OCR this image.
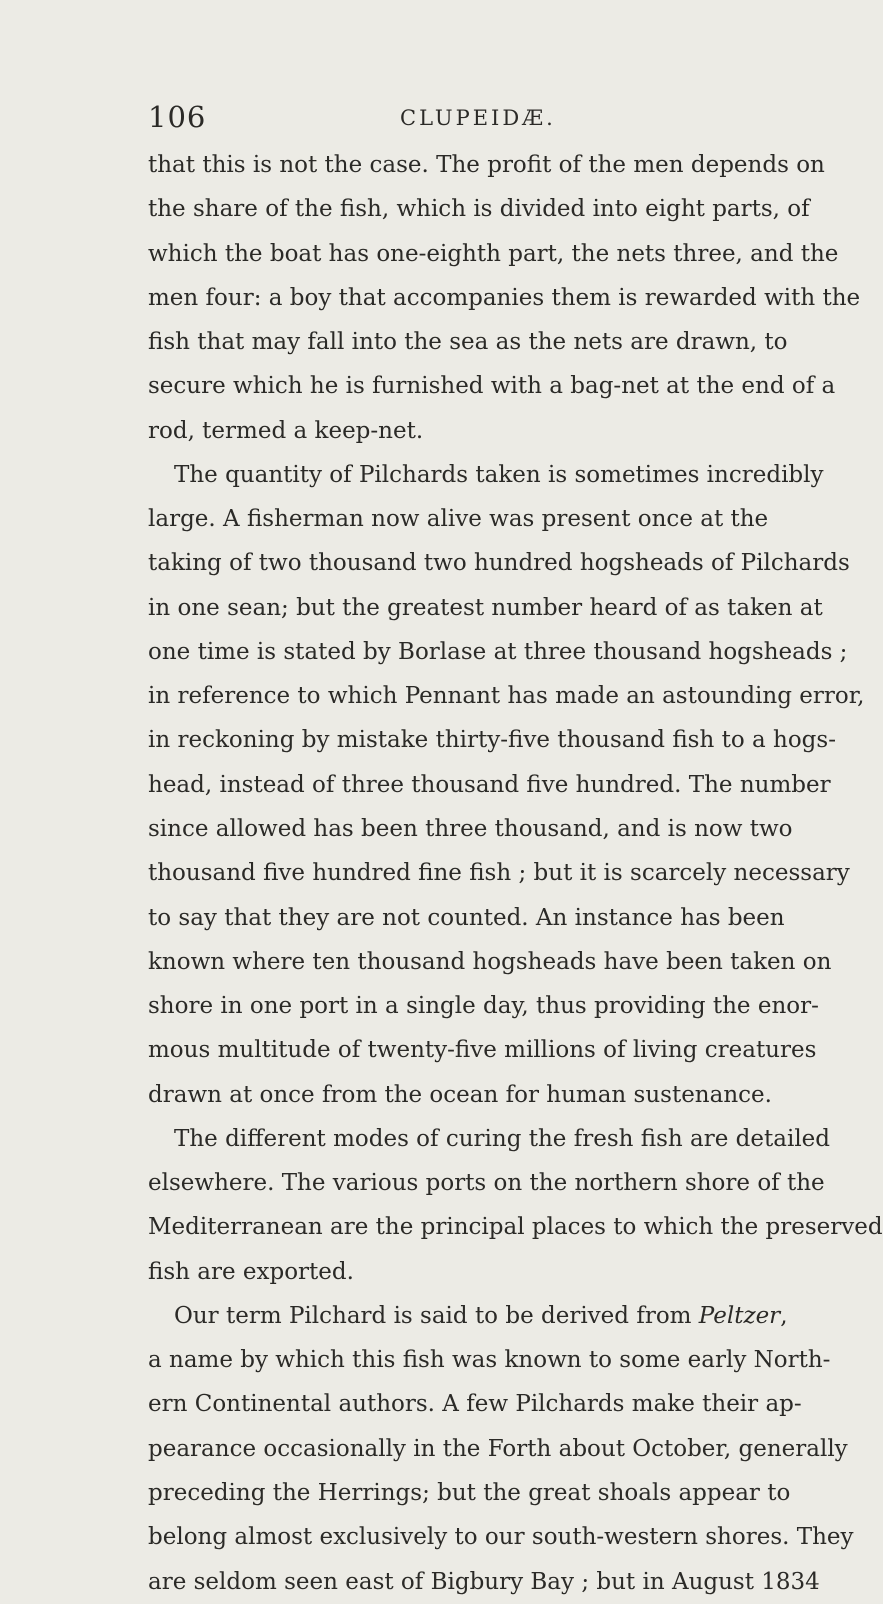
106	CLUPEIDÆ.
that this is not the case. The profit of the men depends on
the share of the fish, which is divided into eight parts, of
which the boat has one-eighth part, the nets three, and the
men four: a boy that accompanies them is rewarded with the
fish that may fall into the sea as the nets are drawn, to
secure which he is furnished with a bag-net at the end of a
rod, termed a keep-net.
The quantity of Pilchards taken is sometimes incredibly
large. A fisherman now alive was present once at the
taking of two thousand two hundred hogsheads of Pilchards
in one sean; but the greatest number heard of as taken at
one time is stated by Borlase at three thousand hogsheads ;
in reference to which Pennant has made an astounding error,
in reckoning by mistake thirty-five thousand fish to a hogs-
head, instead of three thousand five hundred. The number
since allowed has been three thousand, and is now two
thousand five hundred fine fish ; but it is scarcely necessary
to say that they are not counted. An instance has been
known where ten thousand hogsheads have been taken on
shore in one port in a single day, thus providing the enor-
mous multitude of twenty-five millions of living creatures
drawn at once from the ocean for human sustenance.
The different modes of curing the fresh fish are detailed
elsewhere. The various ports on the northern shore of the
Mediterranean are the principal places to which the preserved
fish are exported.
Our term Pilchard is said to be derived from Peltzer,
a name by which this fish was known to some early North-
ern Continental authors. A few Pilchards make their ap-
pearance occasionally in the Forth about October, generally
preceding the Herrings; but the great shoals appear to
belong almost exclusively to our south-western shores. They
are seldom seen east of Bigbury Bay ; but in August 1834
